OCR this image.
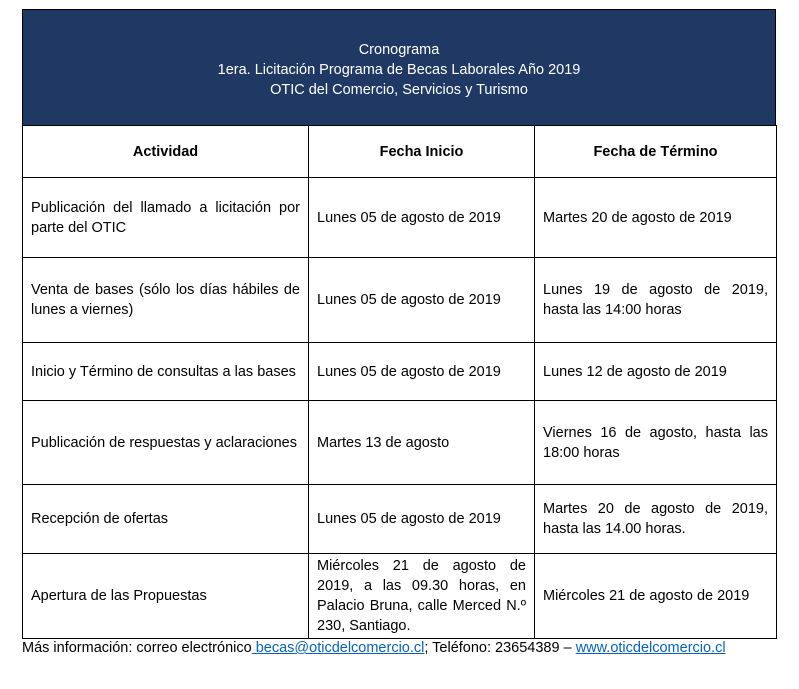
Cronograma
1era. Licitación Programa de Becas Laborales Año 2019
OTIC del Comercio, Servicios y Turismo
Actividad	Fecha Inicio	Fecha de Término
Publicación del llamado a licitación por parte del OTIC	Lunes 05 de agosto de 2019	Martes 20 de agosto de 2019
Venta de bases (sólo los días hábiles de lunes a viernes)	Lunes 05 de agosto de 2019	Lunes 19 de agosto de 2019, hasta las 14:00 horas
Inicio y Término de consultas a las bases	Lunes 05 de agosto de 2019	Lunes 12 de agosto de 2019
Publicación de respuestas y aclaraciones	Martes 13 de agosto	Viernes 16 de agosto, hasta las 18:00 horas
Recepción de ofertas	Lunes 05 de agosto de 2019	Martes 20 de agosto de 2019, hasta las 14.00 horas.
Apertura de las Propuestas	Miércoles 21 de agosto de 2019, a las 09.30 horas, en Palacio Bruna, calle Merced N.º 230, Santiago.	Miércoles 21 de agosto de 2019
Más información: correo electrónico becas@oticdelcomercio.cl; Teléfono: 23654389 – www.oticdelcomercio.cl
